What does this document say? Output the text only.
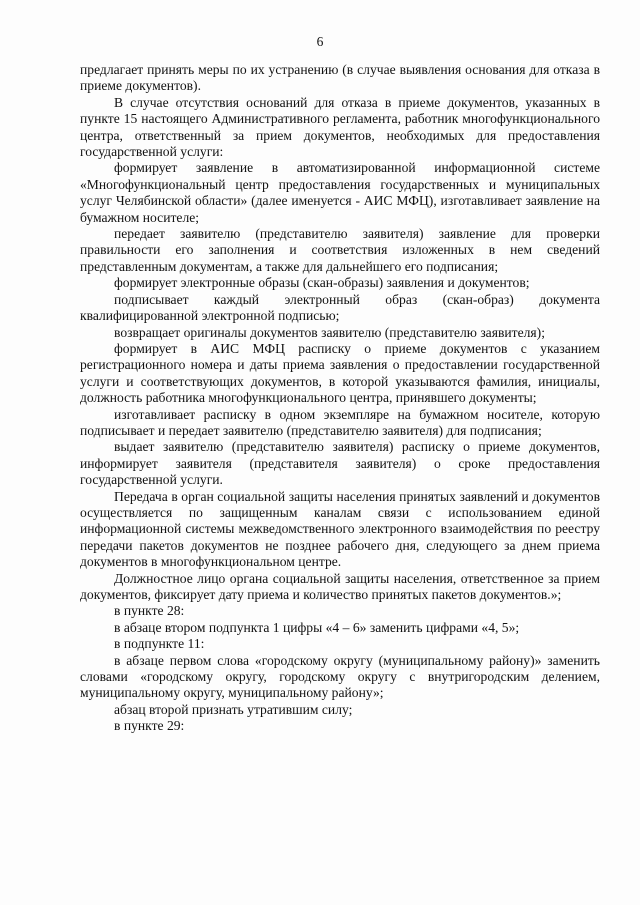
6

предлагает принять меры по их устранению (в случае выявления основания для отказа в приеме документов).

В случае отсутствия оснований для отказа в приеме документов, указанных в пункте 15 настоящего Административного регламента, работник многофункционального центра, ответственный за прием документов, необходимых для предоставления государственной услуги:

формирует заявление в автоматизированной информационной системе «Многофункциональный центр предоставления государственных и муниципальных услуг Челябинской области» (далее именуется - АИС МФЦ), изготавливает заявление на бумажном носителе;

передает заявителю (представителю заявителя) заявление для проверки правильности его заполнения и соответствия изложенных в нем сведений представленным документам, а также для дальнейшего его подписания;

формирует электронные образы (скан-образы) заявления и документов;

подписывает каждый электронный образ (скан-образ) документа квалифицированной электронной подписью;

возвращает оригиналы документов заявителю (представителю заявителя);

формирует в АИС МФЦ расписку о приеме документов с указанием регистрационного номера и даты приема заявления о предоставлении государственной услуги и соответствующих документов, в которой указываются фамилия, инициалы, должность работника многофункционального центра, принявшего документы;

изготавливает расписку в одном экземпляре на бумажном носителе, которую подписывает и передает заявителю (представителю заявителя) для подписания;

выдает заявителю (представителю заявителя) расписку о приеме документов, информирует заявителя (представителя заявителя) о сроке предоставления государственной услуги.

Передача в орган социальной защиты населения принятых заявлений и документов осуществляется по защищенным каналам связи с использованием единой информационной системы межведомственного электронного взаимодействия по реестру передачи пакетов документов не позднее рабочего дня, следующего за днем приема документов в многофункциональном центре.

Должностное лицо органа социальной защиты населения, ответственное за прием документов, фиксирует дату приема и количество принятых пакетов документов.»;

в пункте 28:

в абзаце втором подпункта 1 цифры «4 – 6» заменить цифрами «4, 5»;

в подпункте 11:

в абзаце первом слова «городскому округу (муниципальному району)» заменить словами «городскому округу, городскому округу с внутригородским делением, муниципальному округу, муниципальному району»;

абзац второй признать утратившим силу;

в пункте 29:
